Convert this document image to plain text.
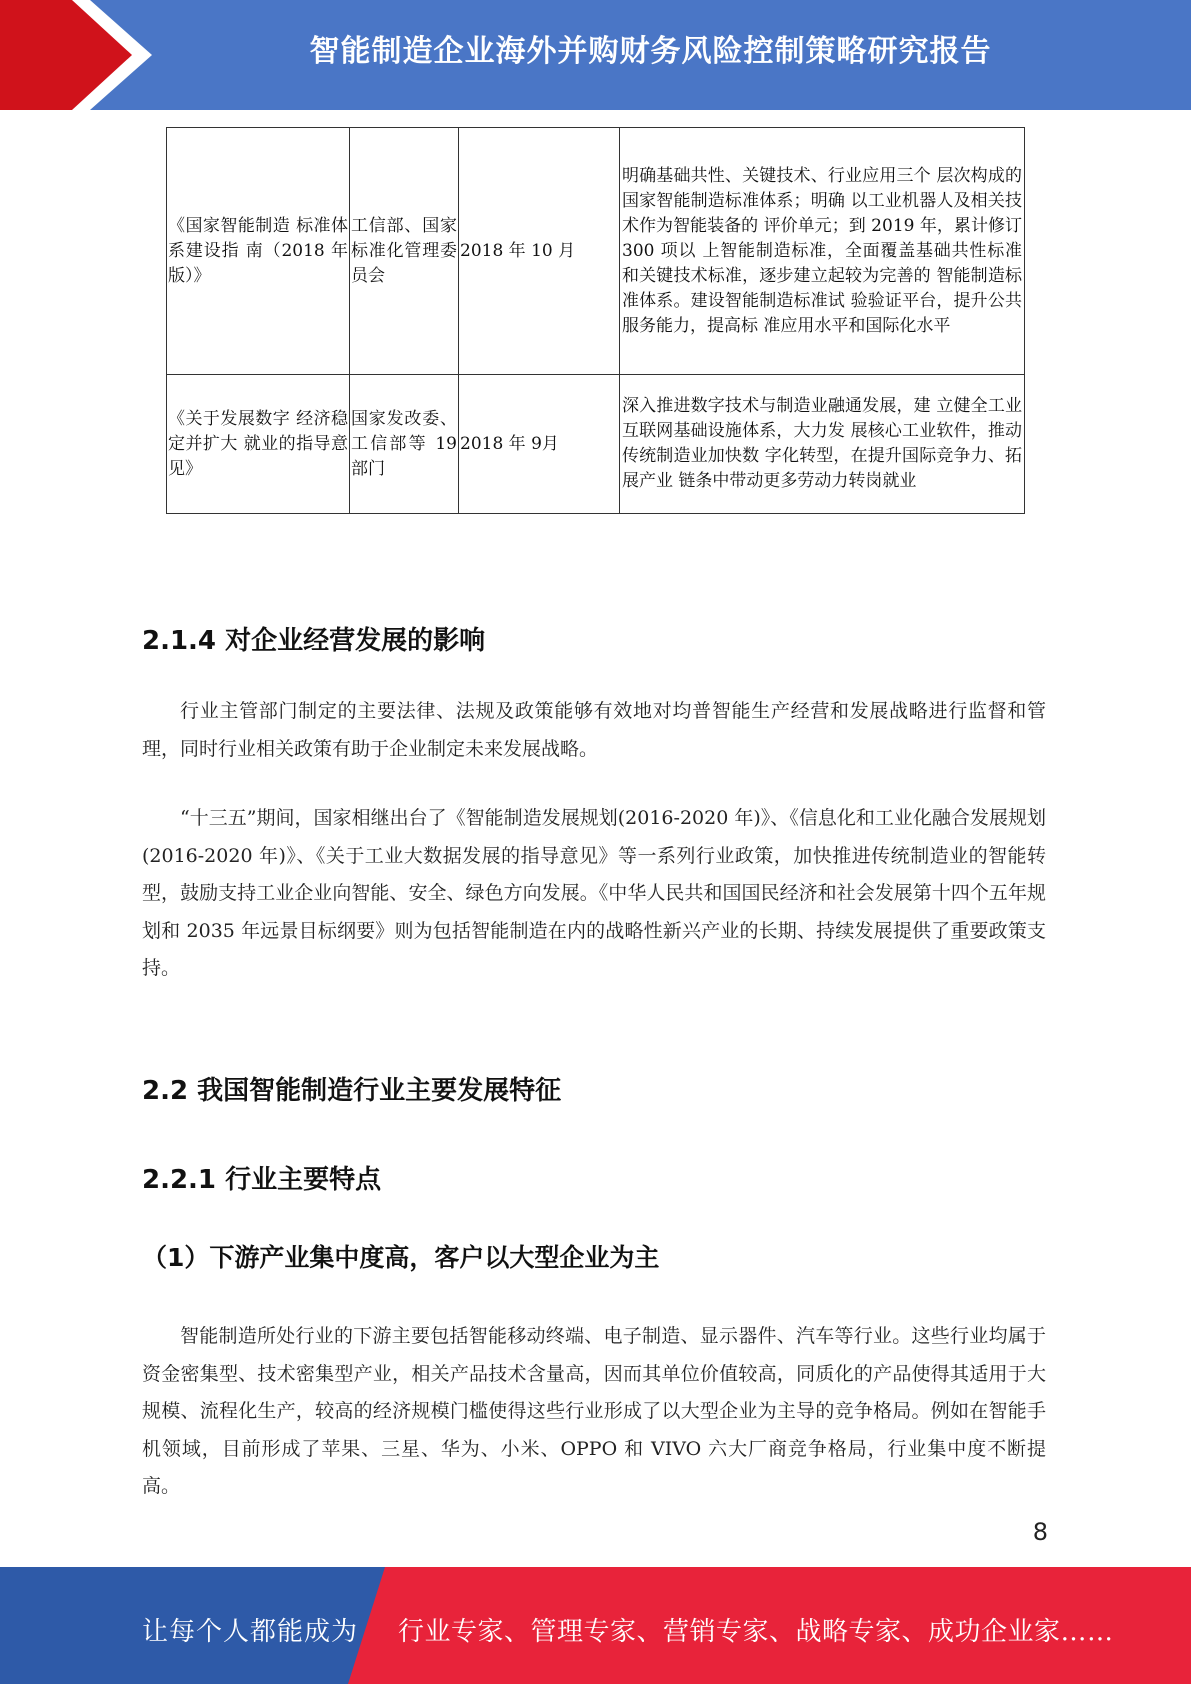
智能制造企业海外并购财务风险控制策略研究报告
《国家智能制造 标准体系建设指 南（2018 年版）》	工信部、国家标准化管理委员会	2018 年 10 月	明确基础共性、关键技术、行业应用三个 层次构成的国家智能制造标准体系；明确 以工业机器人及相关技术作为智能装备的 评价单元；到 2019 年，累计修订 300 项以 上智能制造标准，全面覆盖基础共性标准 和关键技术标准，逐步建立起较为完善的 智能制造标准体系。建设智能制造标准试 验验证平台，提升公共服务能力，提高标 准应用水平和国际化水平
《关于发展数字 经济稳定并扩大 就业的指导意见》	国家发改委、工信部等 19 部门	2018 年 9月	深入推进数字技术与制造业融通发展，建 立健全工业互联网基础设施体系，大力发 展核心工业软件，推动传统制造业加快数 字化转型，在提升国际竞争力、拓展产业 链条中带动更多劳动力转岗就业
2.1.4 对企业经营发展的影响

行业主管部门制定的主要法律、法规及政策能够有效地对均普智能生产经营和发展战略进行监督和管理，同时行业相关政策有助于企业制定未来发展战略。

“十三五”期间，国家相继出台了《智能制造发展规划(2016-2020 年)》、《信息化和工业化融合发展规划(2016-2020 年)》、《关于工业大数据发展的指导意见》等一系列行业政策，加快推进传统制造业的智能转型，鼓励支持工业企业向智能、安全、绿色方向发展。《中华人民共和国国民经济和社会发展第十四个五年规划和 2035 年远景目标纲要》则为包括智能制造在内的战略性新兴产业的长期、持续发展提供了重要政策支持。

2.2 我国智能制造行业主要发展特征
2.2.1 行业主要特点
（1）下游产业集中度高，客户以大型企业为主

智能制造所处行业的下游主要包括智能移动终端、电子制造、显示器件、汽车等行业。这些行业均属于资金密集型、技术密集型产业，相关产品技术含量高，因而其单位价值较高，同质化的产品使得其适用于大规模、流程化生产，较高的经济规模门槛使得这些行业形成了以大型企业为主导的竞争格局。例如在智能手机领域，目前形成了苹果、三星、华为、小米、OPPO 和 VIVO 六大厂商竞争格局，行业集中度不断提高。

8
让每个人都能成为 行业专家、管理专家、营销专家、战略专家、成功企业家……
